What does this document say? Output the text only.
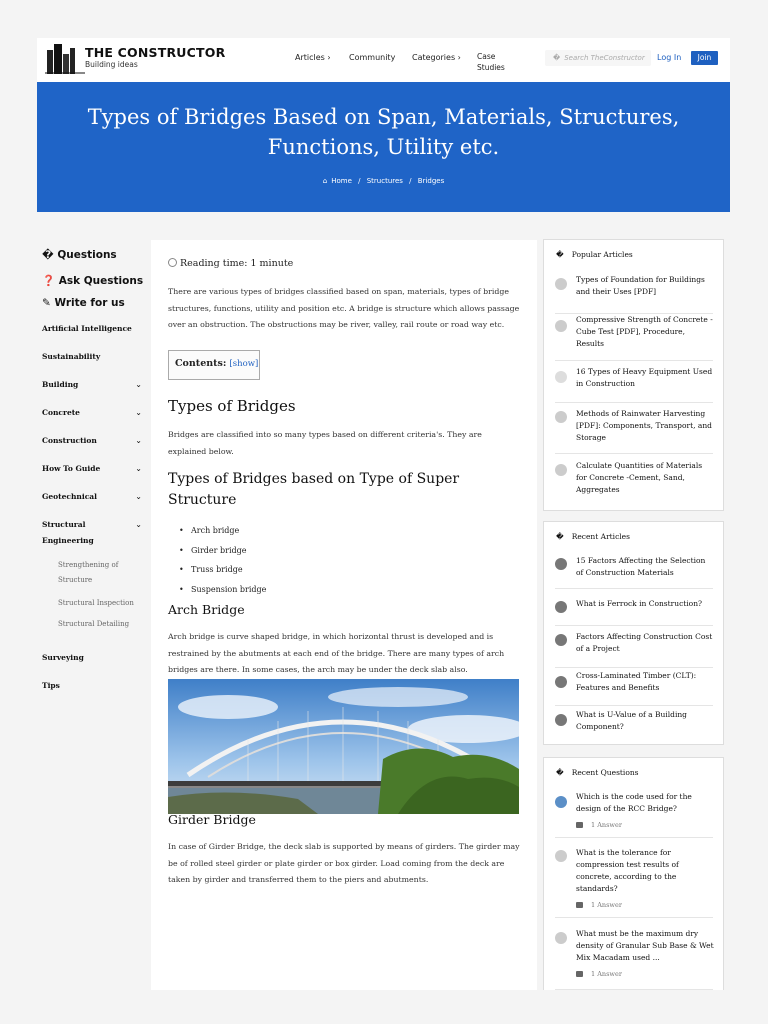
THE CONSTRUCTOR
Building ideas
Articles › Community Categories › Case Studies
� Search TheConstructor	Log In	Join
Types of Bridges Based on Span, Materials, Structures, Functions, Utility etc.
⌂ Home / Structures / Bridges
� Questions
❓ Ask Questions
✎ Write for us
Artificial Intelligence
Sustainability
Building	⌄
Concrete	⌄
Construction	⌄
How To Guide	⌄
Geotechnical	⌄
Structural Engineering
⌄
Strengthening of Structure
Structural Inspection
Structural Detailing
Surveying
Tips
Reading time: 1 minute
There are various types of bridges classified based on span, materials, types of bridge structures, functions, utility and position etc. A bridge is structure which allows passage over an obstruction. The obstructions may be river, valley, rail route or road way etc.
Contents: [show]
Types of Bridges
Bridges are classified into so many types based on different criteria's. They are explained below.
Types of Bridges based on Type of Super Structure
• Arch bridge
• Girder bridge
• Truss bridge
• Suspension bridge
Arch Bridge
Arch bridge is curve shaped bridge, in which horizontal thrust is developed and is restrained by the abutments at each end of the bridge. There are many types of arch bridges are there. In some cases, the arch may be under the deck slab also.
Girder Bridge
In case of Girder Bridge, the deck slab is supported by means of girders. The girder may be of rolled steel girder or plate girder or box girder. Load coming from the deck are taken by girder and transferred them to the piers and abutments.
� Popular Articles
Types of Foundation for Buildings and their Uses [PDF]
Compressive Strength of Concrete -Cube Test [PDF], Procedure, Results
16 Types of Heavy Equipment Used in Construction
Methods of Rainwater Harvesting [PDF]: Components, Transport, and Storage
Calculate Quantities of Materials for Concrete -Cement, Sand, Aggregates
� Recent Articles
15 Factors Affecting the Selection of Construction Materials
What is Ferrock in Construction?
Factors Affecting Construction Cost of a Project
Cross-Laminated Timber (CLT): Features and Benefits
What is U-Value of a Building Component?
� Recent Questions
Which is the code used for the design of the RCC Bridge?
1 Answer
What is the tolerance for compression test results of concrete, according to the standards?
1 Answer
What must be the maximum dry density of Granular Sub Base & Wet Mix Macadam used ...
1 Answer
